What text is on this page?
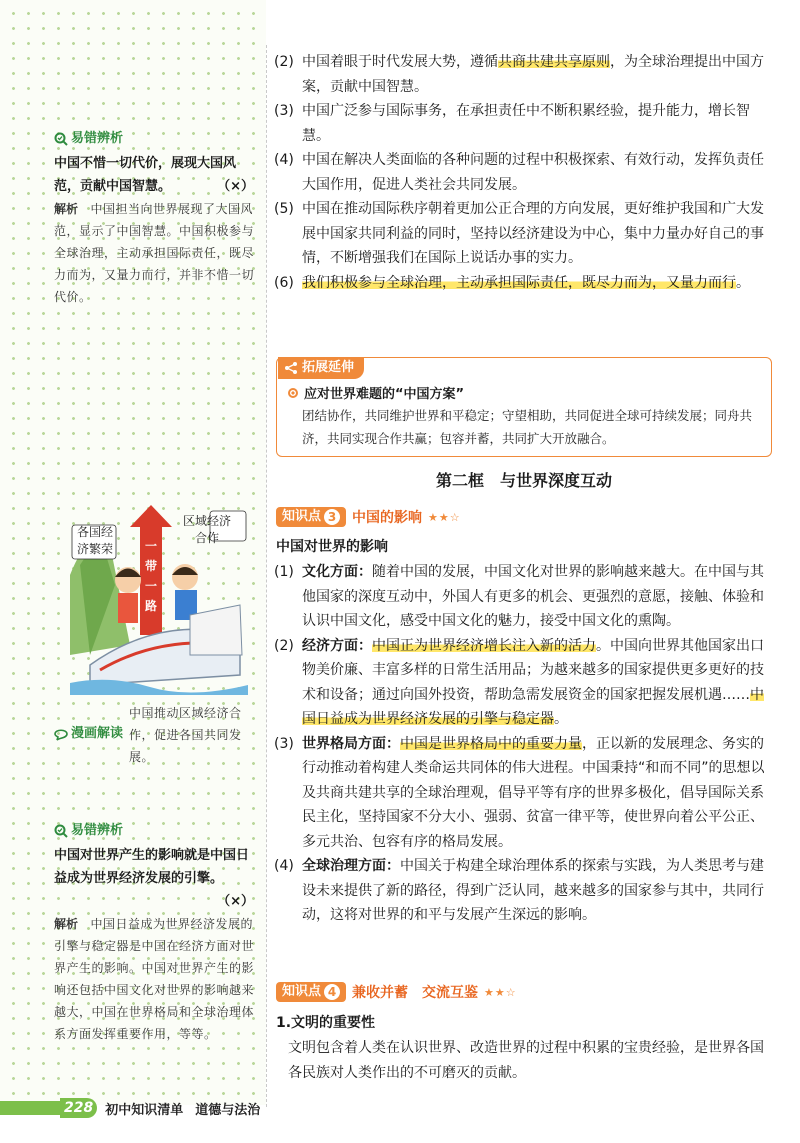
易错辨析
中国不惜一切代价，展现大国风范，贡献中国智慧。	（×）
解析　 中国担当向世界展现了大国风范，显示了中国智慧。中国积极参与全球治理，主动承担国际责任，既尽力而为，又量力而行，并非不惜一切代价。
一
带
一
路
各国经济繁荣
区域经济合作
漫画解读
中国推动区域经济合作，促进各国共同发展。
易错辨析
中国对世界产生的影响就是中国日益成为世界经济发展的引擎。

（×）
解析　 中国日益成为世界经济发展的引擎与稳定器是中国在经济方面对世界产生的影响。中国对世界产生的影响还包括中国文化对世界的影响越来越大，中国在世界格局和全球治理体系方面发挥重要作用，等等。

(2) 中国着眼于时代发展大势，遵循共商共建共享原则，为全球治理提出中国方案，贡献中国智慧。

(3) 中国广泛参与国际事务，在承担责任中不断积累经验，提升能力，增长智慧。

(4) 中国在解决人类面临的各种问题的过程中积极探索、有效行动，发挥负责任大国作用，促进人类社会共同发展。

(5) 中国在推动国际秩序朝着更加公正合理的方向发展，更好维护我国和广大发展中国家共同利益的同时，坚持以经济建设为中心，集中力量办好自己的事情，不断增强我们在国际上说话办事的实力。

(6) 我们积极参与全球治理，主动承担国际责任，既尽力而为，又量力而行。

拓展延伸
应对世界难题的“中国方案”
团结协作，共同维护世界和平稳定；守望相助，共同促进全球可持续发展；同舟共济，共同实现合作共赢；包容并蓄，共同扩大开放融合。
第二框　与世界深度互动
知识点 3 中国的影响 ★★☆
中国对世界的影响

(1) 文化方面：随着中国的发展，中国文化对世界的影响越来越大。在中国与其他国家的深度互动中，外国人有更多的机会、更强烈的意愿，接触、体验和认识中国文化，感受中国文化的魅力，接受中国文化的熏陶。

(2) 经济方面：中国正为世界经济增长注入新的活力。中国向世界其他国家出口物美价廉、丰富多样的日常生活用品；为越来越多的国家提供更多更好的技术和设备；通过向国外投资，帮助急需发展资金的国家把握发展机遇……中国日益成为世界经济发展的引擎与稳定器。

(3) 世界格局方面：中国是世界格局中的重要力量，正以新的发展理念、务实的行动推动着构建人类命运共同体的伟大进程。中国秉持“和而不同”的思想以及共商共建共享的全球治理观，倡导平等有序的世界多极化，倡导国际关系民主化，坚持国家不分大小、强弱、贫富一律平等，使世界向着公平公正、多元共治、包容有序的格局发展。

(4) 全球治理方面：中国关于构建全球治理体系的探索与实践，为人类思考与建设未来提供了新的路径，得到广泛认同，越来越多的国家参与其中，共同行动，这将对世界的和平与发展产生深远的影响。

知识点 4 兼收并蓄　交流互鉴 ★★☆
1.文明的重要性
文明包含着人类在认识世界、改造世界的过程中积累的宝贵经验，是世界各国各民族对人类作出的不可磨灭的贡献。
228 初中知识清单 道德与法治
